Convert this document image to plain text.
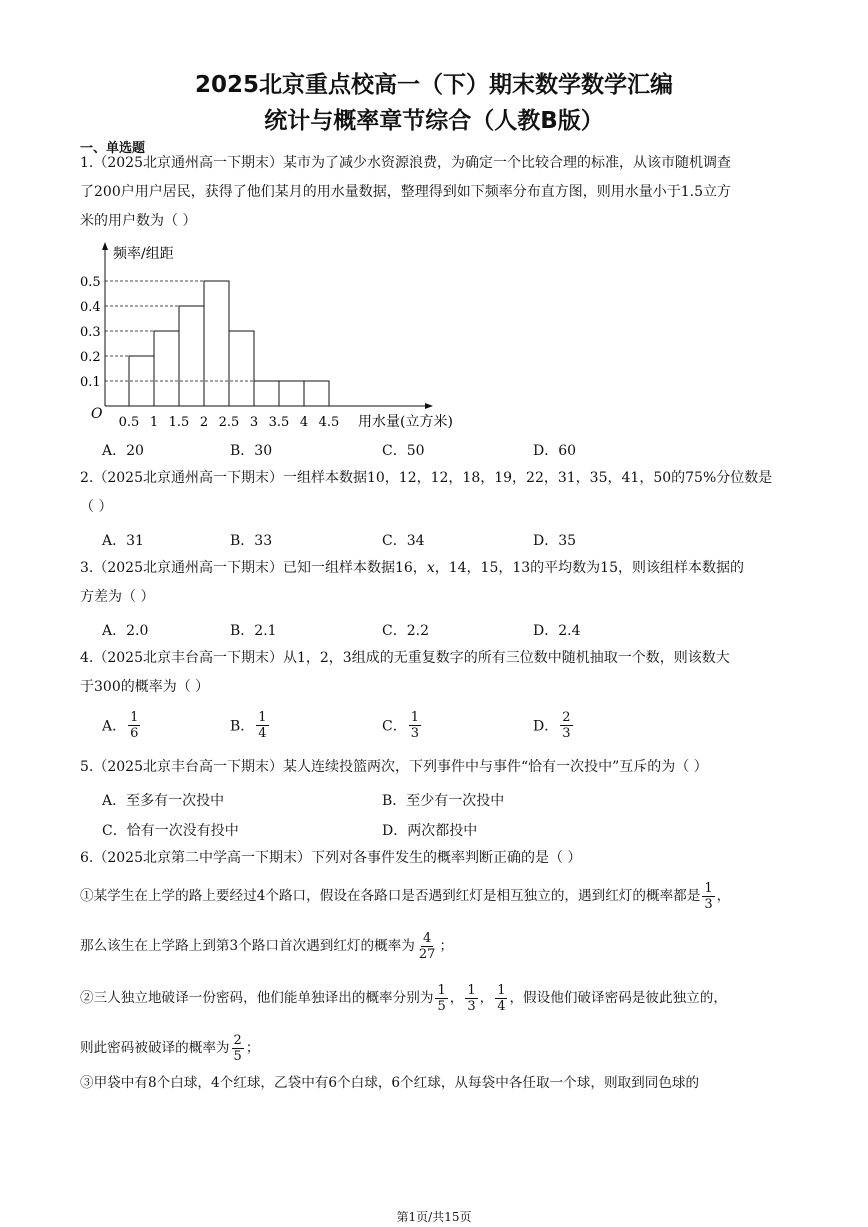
2025北京重点校高一（下）期末数学数学汇编
统计与概率章节综合（人教B版）
一、单选题
1.（2025北京通州高一下期末）某市为了减少水资源浪费，为确定一个比较合理的标准，从该市随机调查
了200户用户居民，获得了他们某月的用水量数据，整理得到如下频率分布直方图，则用水量小于1.5立方
米的用户数为（ ）
频率/组距
用水量(立方米)
O
0.1
0.2
0.3
0.4
0.5
0.5 1 1.5 2 2.5 3 3.5 4 4.5
A．20	B．30	C．50	D．60
2.（2025北京通州高一下期末）一组样本数据10，12，12，18，19，22，31，35，41，50的75%分位数是
（ ）
A．31	B．33	C．34	D．35
3.（2025北京通州高一下期末）已知一组样本数据16，x，14，15，13的平均数为15，则该组样本数据的
方差为（ ）
A．2.0	B．2.1	C．2.2	D．2.4
4.（2025北京丰台高一下期末）从1，2，3组成的无重复数字的所有三位数中随机抽取一个数，则该数大
于300的概率为（ ）
A． $\frac{1}{6}$	B． $\frac{1}{4}$	C． $\frac{1}{3}$	D． $\frac{2}{3}$
5.（2025北京丰台高一下期末）某人连续投篮两次，下列事件中与事件“恰有一次投中”互斥的为（ ）
A．至多有一次投中	B．至少有一次投中
C．恰有一次没有投中	D．两次都投中
6.（2025北京第二中学高一下期末）下列对各事件发生的概率判断正确的是（ ）
①某学生在上学的路上要经过4个路口，假设在各路口是否遇到红灯是相互独立的，遇到红灯的概率都是 $\frac{1}{3}$ ，
那么该生在上学路上到第3个路口首次遇到红灯的概率为 $\frac{4}{27}$ ；
②三人独立地破译一份密码，他们能单独译出的概率分别为 $\frac{1}{5}$ ， $\frac{1}{3}$ ， $\frac{1}{4}$ ，假设他们破译密码是彼此独立的，
则此密码被破译的概率为 $\frac{2}{5}$ ；
③甲袋中有8个白球，4个红球，乙袋中有6个白球，6个红球，从每袋中各任取一个球，则取到同色球的
第1页/共15页
